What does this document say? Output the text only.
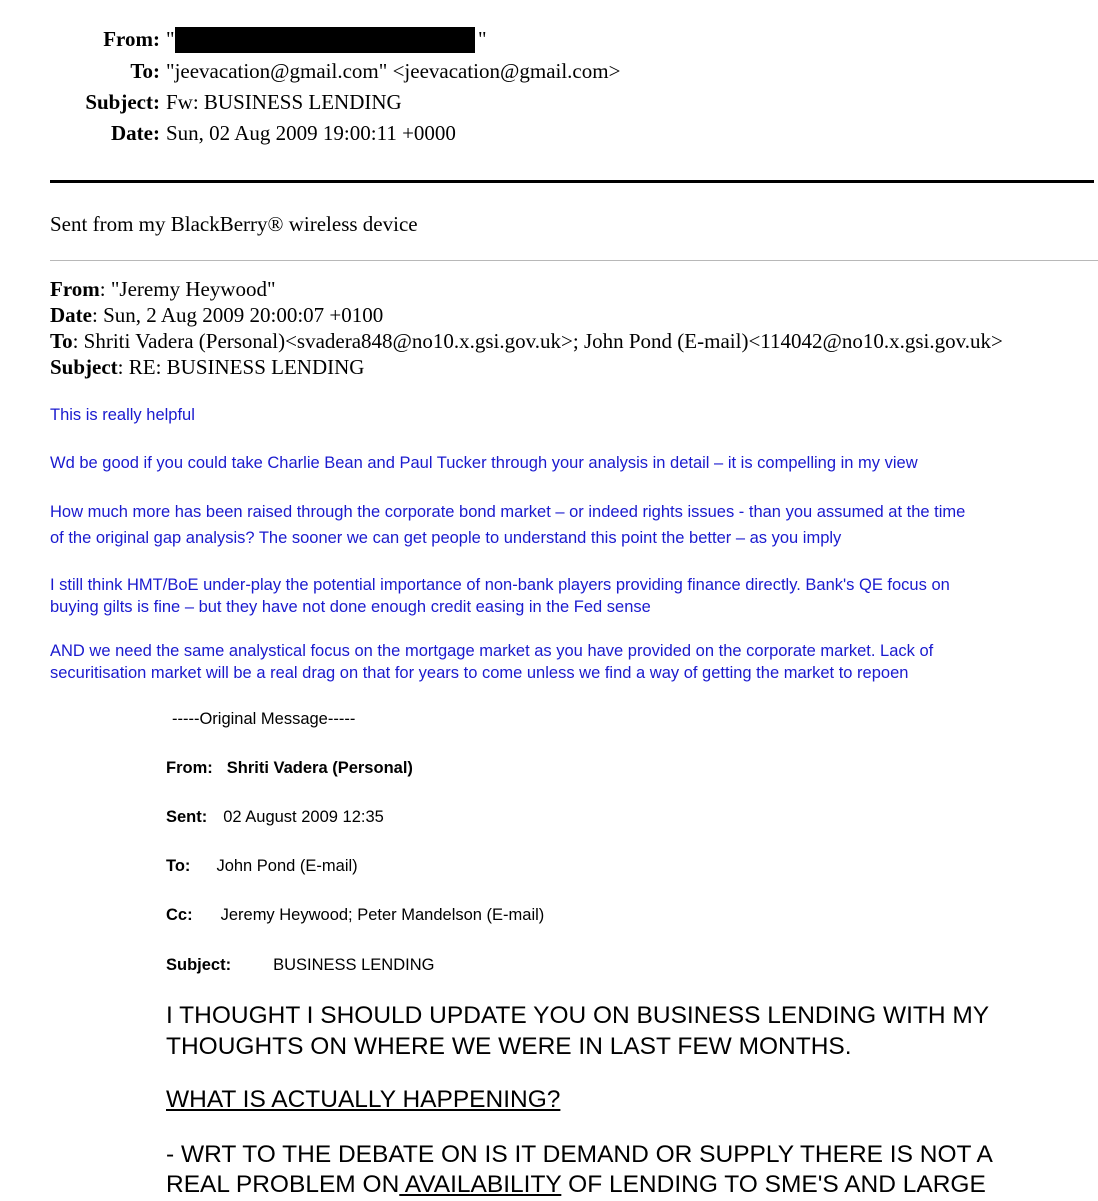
From: "	"
To: "jeevacation@gmail.com" <jeevacation@gmail.com>
Subject: Fw: BUSINESS LENDING
Date: Sun, 02 Aug 2009 19:00:11 +0000
Sent from my BlackBerry® wireless device
From: "Jeremy Heywood"
Date: Sun, 2 Aug 2009 20:00:07 +0100
To: Shriti Vadera (Personal)<svadera848@no10.x.gsi.gov.uk>; John Pond (E-mail)<114042@no10.x.gsi.gov.uk>
Subject: RE: BUSINESS LENDING
This is really helpful
Wd be good if you could take Charlie Bean and Paul Tucker through your analysis in detail – it is compelling in my view
How much more has been raised through the corporate bond market – or indeed rights issues - than you assumed at the time
of the original gap analysis? The sooner we can get people to understand this point the better – as you imply
I still think HMT/BoE under-play the potential importance of non-bank players providing finance directly. Bank's QE focus on
buying gilts is fine – but they have not done enough credit easing in the Fed sense
AND we need the same analystical focus on the mortgage market as you have provided on the corporate market. Lack of
securitisation market will be a real drag on that for years to come unless we find a way of getting the market to repoen
-----Original Message-----
From: Shriti Vadera (Personal)
Sent: 02 August 2009 12:35
To: John Pond (E-mail)
Cc: Jeremy Heywood; Peter Mandelson (E-mail)
Subject:	BUSINESS LENDING
I THOUGHT I SHOULD UPDATE YOU ON BUSINESS LENDING WITH MY
THOUGHTS ON WHERE WE WERE IN LAST FEW MONTHS.
WHAT IS ACTUALLY HAPPENING?
- WRT TO THE DEBATE ON IS IT DEMAND OR SUPPLY THERE IS NOT A
REAL PROBLEM ON AVAILABILITY OF LENDING TO SME'S AND LARGE
